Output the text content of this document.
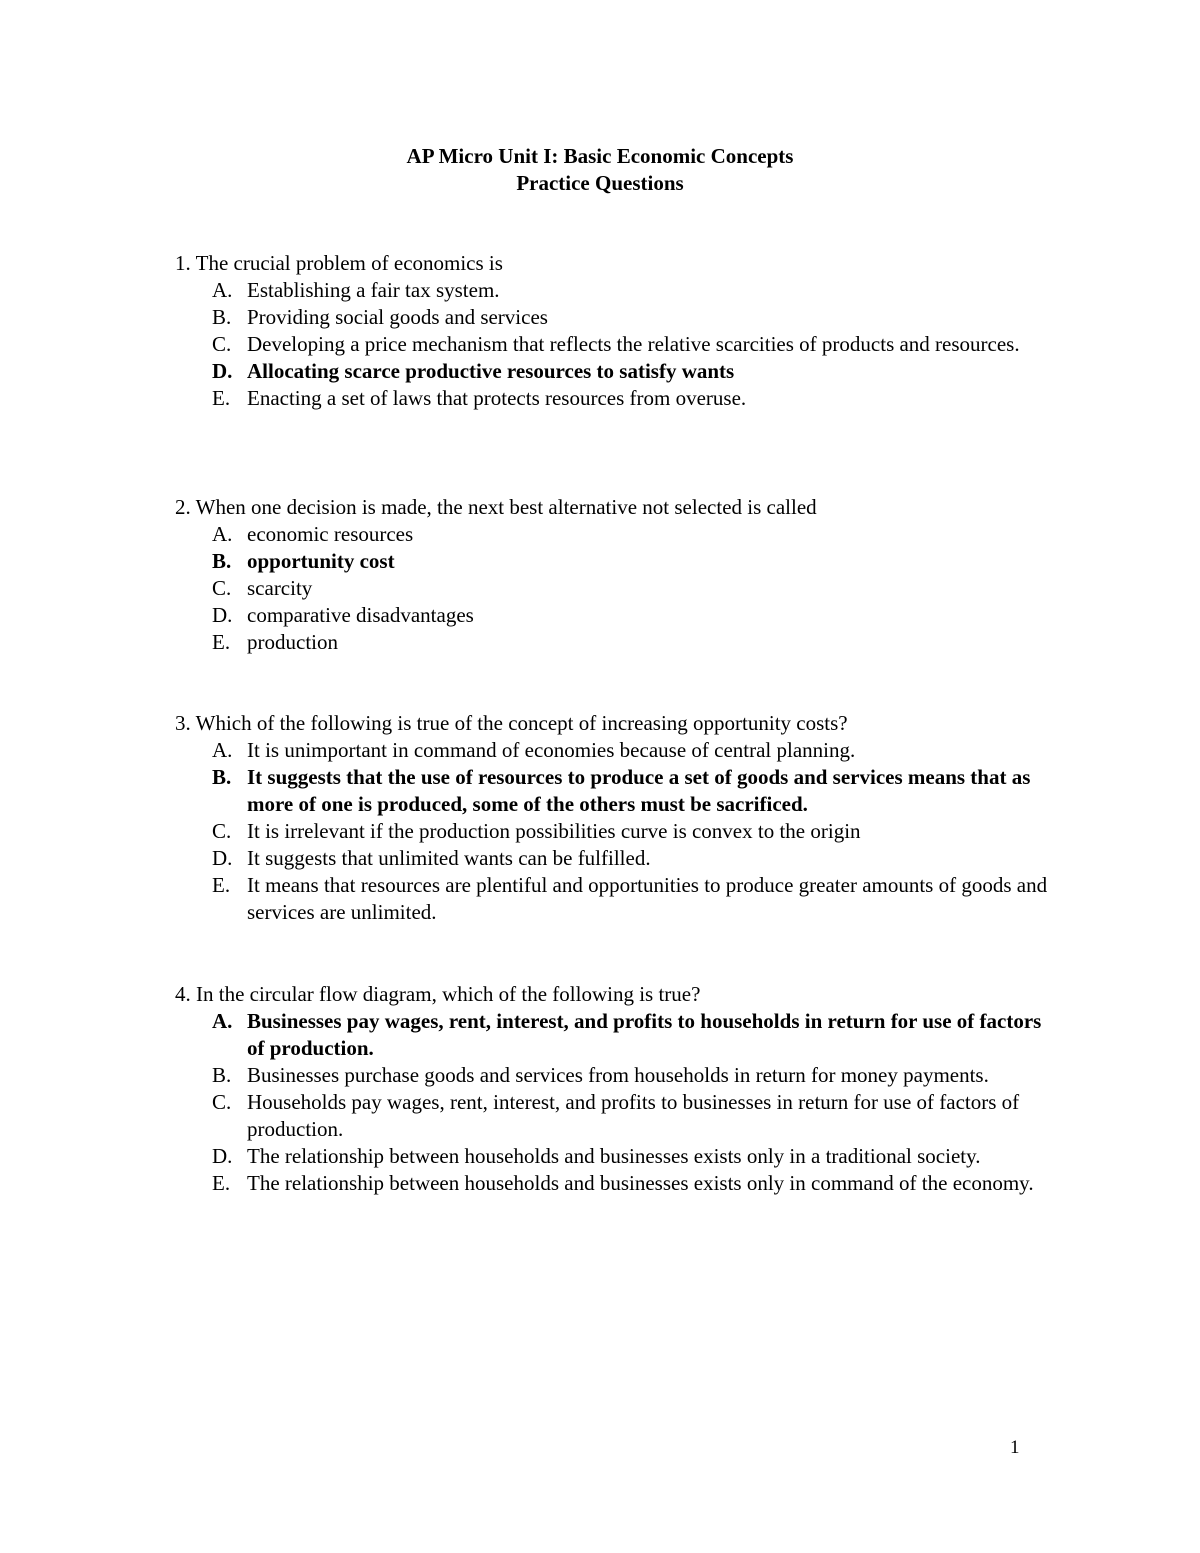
AP Micro Unit I: Basic Economic Concepts
Practice Questions

1. The crucial problem of economics is

A. Establishing a fair tax system.
B. Providing social goods and services
C. Developing a price mechanism that reflects the relative scarcities of products and resources.
D. Allocating scarce productive resources to satisfy wants
E. Enacting a set of laws that protects resources from overuse.

2. When one decision is made, the next best alternative not selected is called

A. economic resources
B. opportunity cost
C. scarcity
D. comparative disadvantages
E. production

3. Which of the following is true of the concept of increasing opportunity costs?

A. It is unimportant in command of economies because of central planning.
B. It suggests that the use of resources to produce a set of goods and services means that as more of one is produced, some of the others must be sacrificed.
C. It is irrelevant if the production possibilities curve is convex to the origin
D. It suggests that unlimited wants can be fulfilled.
E. It means that resources are plentiful and opportunities to produce greater amounts of goods and services are unlimited.

4. In the circular flow diagram, which of the following is true?

A. Businesses pay wages, rent, interest, and profits to households in return for use of factors of production.
B. Businesses purchase goods and services from households in return for money payments.
C. Households pay wages, rent, interest, and profits to businesses in return for use of factors of production.
D. The relationship between households and businesses exists only in a traditional society.
E. The relationship between households and businesses exists only in command of the economy.
1
